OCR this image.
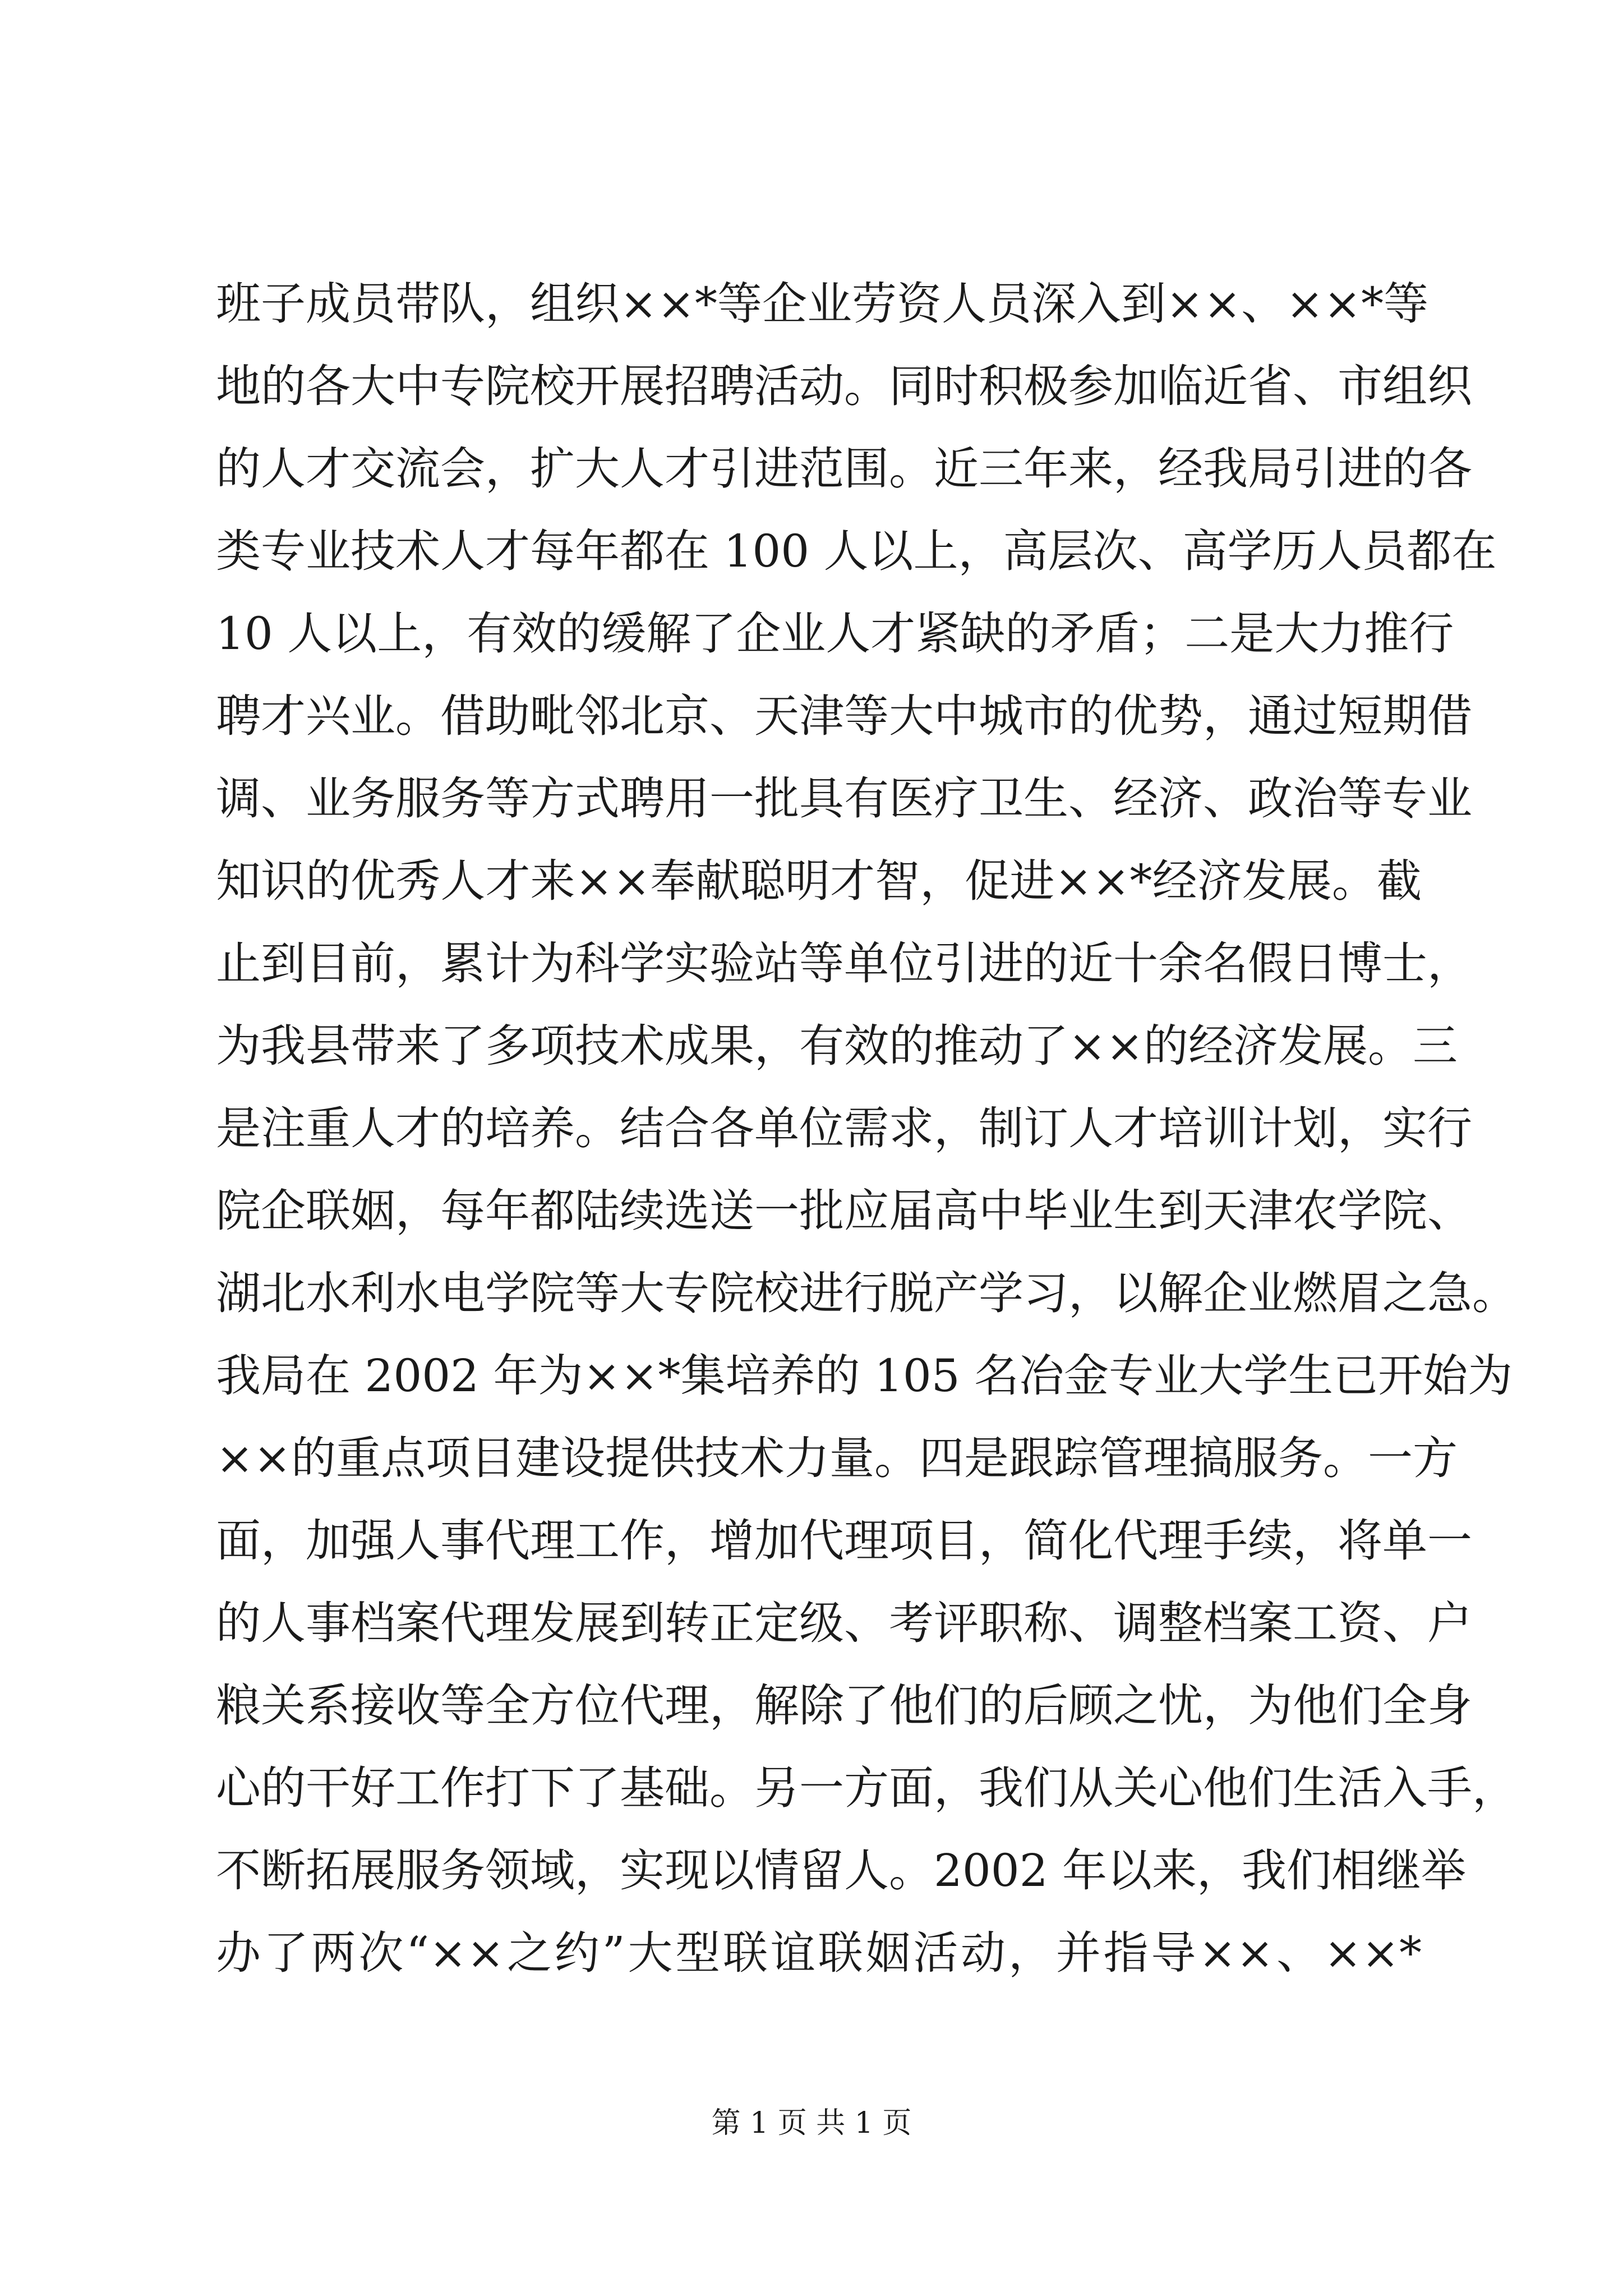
班子成员带队，组织××*等企业劳资人员深入到××、××*等
地的各大中专院校开展招聘活动。同时积极参加临近省、市组织
的人才交流会，扩大人才引进范围。近三年来，经我局引进的各
类专业技术人才每年都在 100 人以上，高层次、高学历人员都在
10 人以上，有效的缓解了企业人才紧缺的矛盾；二是大力推行
聘才兴业。借助毗邻北京、天津等大中城市的优势，通过短期借
调、业务服务等方式聘用一批具有医疗卫生、经济、政治等专业
知识的优秀人才来××奉献聪明才智，促进××*经济发展。截
止到目前，累计为科学实验站等单位引进的近十余名假日博士，
为我县带来了多项技术成果，有效的推动了××的经济发展。三
是注重人才的培养。结合各单位需求，制订人才培训计划，实行
院企联姻，每年都陆续选送一批应届高中毕业生到天津农学院、
湖北水利水电学院等大专院校进行脱产学习，以解企业燃眉之急。
我局在 2002 年为××*集培养的 105 名冶金专业大学生已开始为
××的重点项目建设提供技术力量。四是跟踪管理搞服务。一方
面，加强人事代理工作，增加代理项目，简化代理手续，将单一
的人事档案代理发展到转正定级、考评职称、调整档案工资、户
粮关系接收等全方位代理，解除了他们的后顾之忧，为他们全身
心的干好工作打下了基础。另一方面，我们从关心他们生活入手，
不断拓展服务领域，实现以情留人。2002 年以来，我们相继举
办了两次“××之约”大型联谊联姻活动，并指导××、××*
第 1 页 共 1 页
